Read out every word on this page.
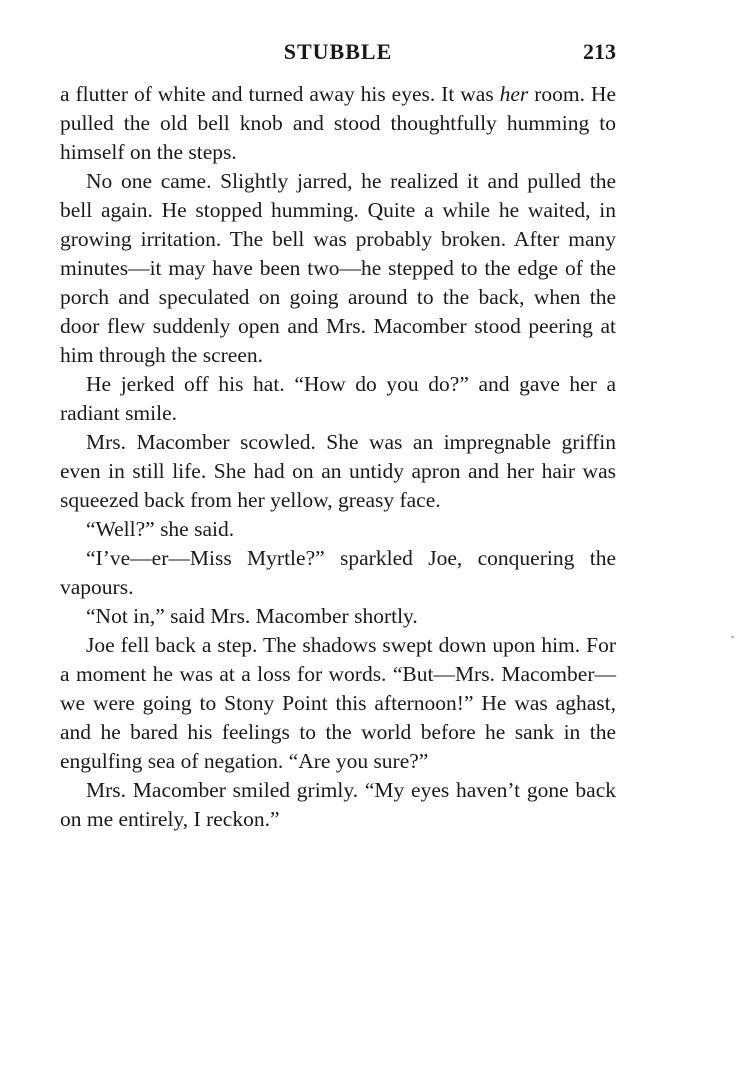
STUBBLE	213

a flutter of white and turned away his eyes. It was her room. He pulled the old bell knob and stood thoughtfully humming to himself on the steps.

No one came. Slightly jarred, he realized it and pulled the bell again. He stopped humming. Quite a while he waited, in growing irritation. The bell was probably broken. After many minutes—it may have been two—he stepped to the edge of the porch and speculated on going around to the back, when the door flew suddenly open and Mrs. Macomber stood peering at him through the screen.

He jerked off his hat. “How do you do?” and gave her a radiant smile.

Mrs. Macomber scowled. She was an impregnable griffin even in still life. She had on an untidy apron and her hair was squeezed back from her yellow, greasy face.

“Well?” she said.

“I’ve—er—Miss Myrtle?” sparkled Joe, conquering the vapours.

“Not in,” said Mrs. Macomber shortly.

Joe fell back a step. The shadows swept down upon him. For a moment he was at a loss for words. “But—Mrs. Macomber—we were going to Stony Point this afternoon!” He was aghast, and he bared his feelings to the world before he sank in the engulfing sea of negation. “Are you sure?”

Mrs. Macomber smiled grimly. “My eyes haven’t gone back on me entirely, I reckon.”
